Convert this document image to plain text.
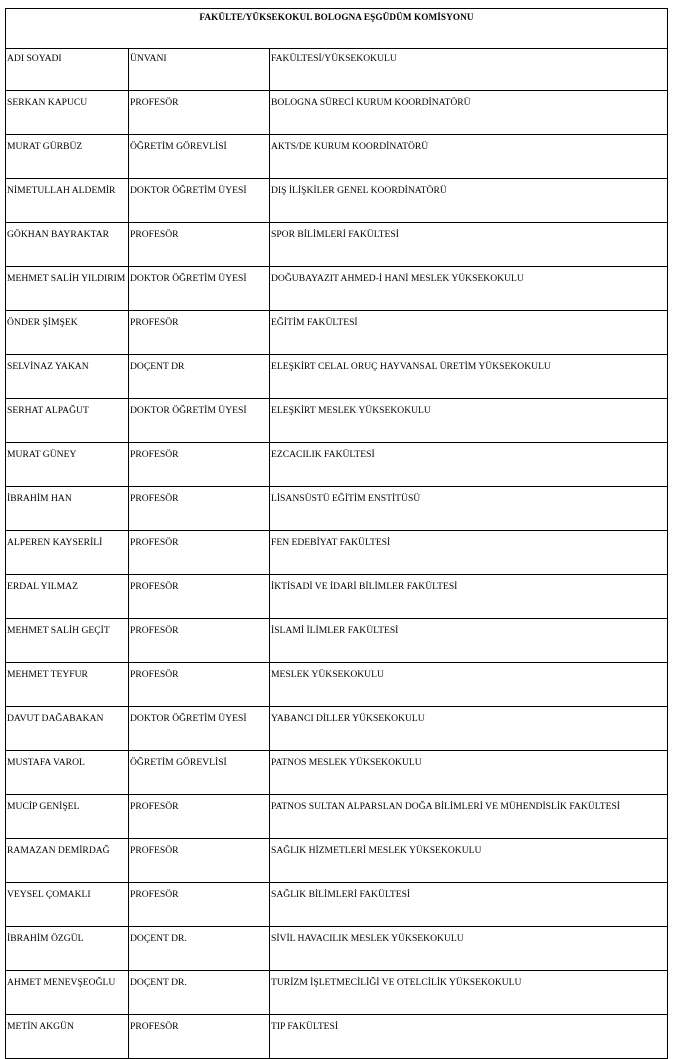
FAKÜLTE/YÜKSEKOKUL BOLOGNA EŞGÜDÜM KOMİSYONU		
ADI SOYADI	ÜNVANI	FAKÜLTESİ/YÜKSEKOKULU
SERKAN KAPUCU	PROFESÖR	BOLOGNA SÜRECİ KURUM KOORDİNATÖRÜ
MURAT GÜRBÜZ	ÖĞRETİM GÖREVLİSİ	AKTS/DE KURUM KOORDİNATÖRÜ
NİMETULLAH ALDEMİR	DOKTOR ÖĞRETİM ÜYESİ	DIŞ İLİŞKİLER GENEL KOORDİNATÖRÜ
GÖKHAN BAYRAKTAR	PROFESÖR	SPOR BİLİMLERİ FAKÜLTESİ
MEHMET SALİH YILDIRIM	DOKTOR ÖĞRETİM ÜYESİ	DOĞUBAYAZIT AHMED-İ HANİ MESLEK YÜKSEKOKULU
ÖNDER ŞİMŞEK	PROFESÖR	EĞİTİM FAKÜLTESİ
SELVİNAZ YAKAN	DOÇENT DR	ELEŞKİRT CELAL ORUÇ HAYVANSAL ÜRETİM YÜKSEKOKULU
SERHAT ALPAĞUT	DOKTOR ÖĞRETİM ÜYESİ	ELEŞKİRT MESLEK YÜKSEKOKULU
MURAT GÜNEY	PROFESÖR	EZCACILIK FAKÜLTESİ
İBRAHİM HAN	PROFESÖR	LİSANSÜSTÜ EĞİTİM ENSTİTÜSÜ
ALPEREN KAYSERİLİ	PROFESÖR	FEN EDEBİYAT FAKÜLTESİ
ERDAL YILMAZ	PROFESÖR	İKTİSADİ VE İDARİ BİLİMLER FAKÜLTESİ
MEHMET SALİH GEÇİT	PROFESÖR	İSLAMİ İLİMLER FAKÜLTESİ
MEHMET TEYFUR	PROFESÖR	MESLEK YÜKSEKOKULU
DAVUT DAĞABAKAN	DOKTOR ÖĞRETİM ÜYESİ	YABANCI DİLLER YÜKSEKOKULU
MUSTAFA VAROL	ÖĞRETİM GÖREVLİSİ	PATNOS MESLEK YÜKSEKOKULU
MUCİP GENİŞEL	PROFESÖR	PATNOS SULTAN ALPARSLAN DOĞA BİLİMLERİ VE MÜHENDİSLİK FAKÜLTESİ
RAMAZAN DEMİRDAĞ	PROFESÖR	SAĞLIK HİZMETLERİ MESLEK YÜKSEKOKULU
VEYSEL ÇOMAKLI	PROFESÖR	SAĞLIK BİLİMLERİ FAKÜLTESİ
İBRAHİM ÖZGÜL	DOÇENT DR.	SİVİL HAVACILIK MESLEK YÜKSEKOKULU
AHMET MENEVŞEOĞLU	DOÇENT DR.	TURİZM İŞLETMECİLİĞİ VE OTELCİLİK YÜKSEKOKULU
METİN AKGÜN	PROFESÖR	TIP FAKÜLTESİ
